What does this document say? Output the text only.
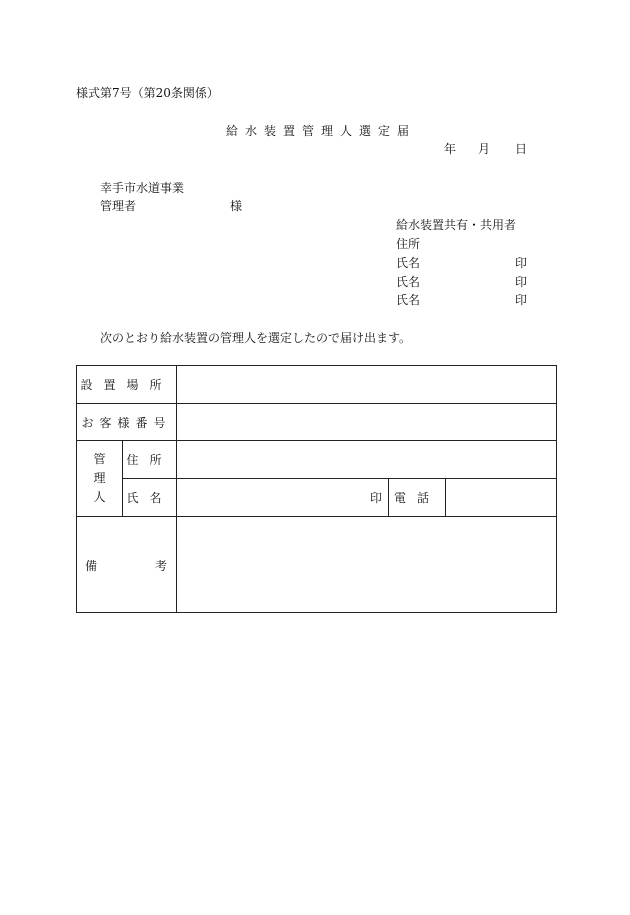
様式第7号（第20条関係）
給水装置管理人選定届
年 月 日
幸手市水道事業
管理者	様
給水装置共有・共用者
住所
氏名	印
氏名	印
氏名	印
次のとおり給水装置の管理人を選定したので届け出ます。
設置場所				
お客様番号				

管
理
人	住所			
	氏名	印	電話	

備 考				
